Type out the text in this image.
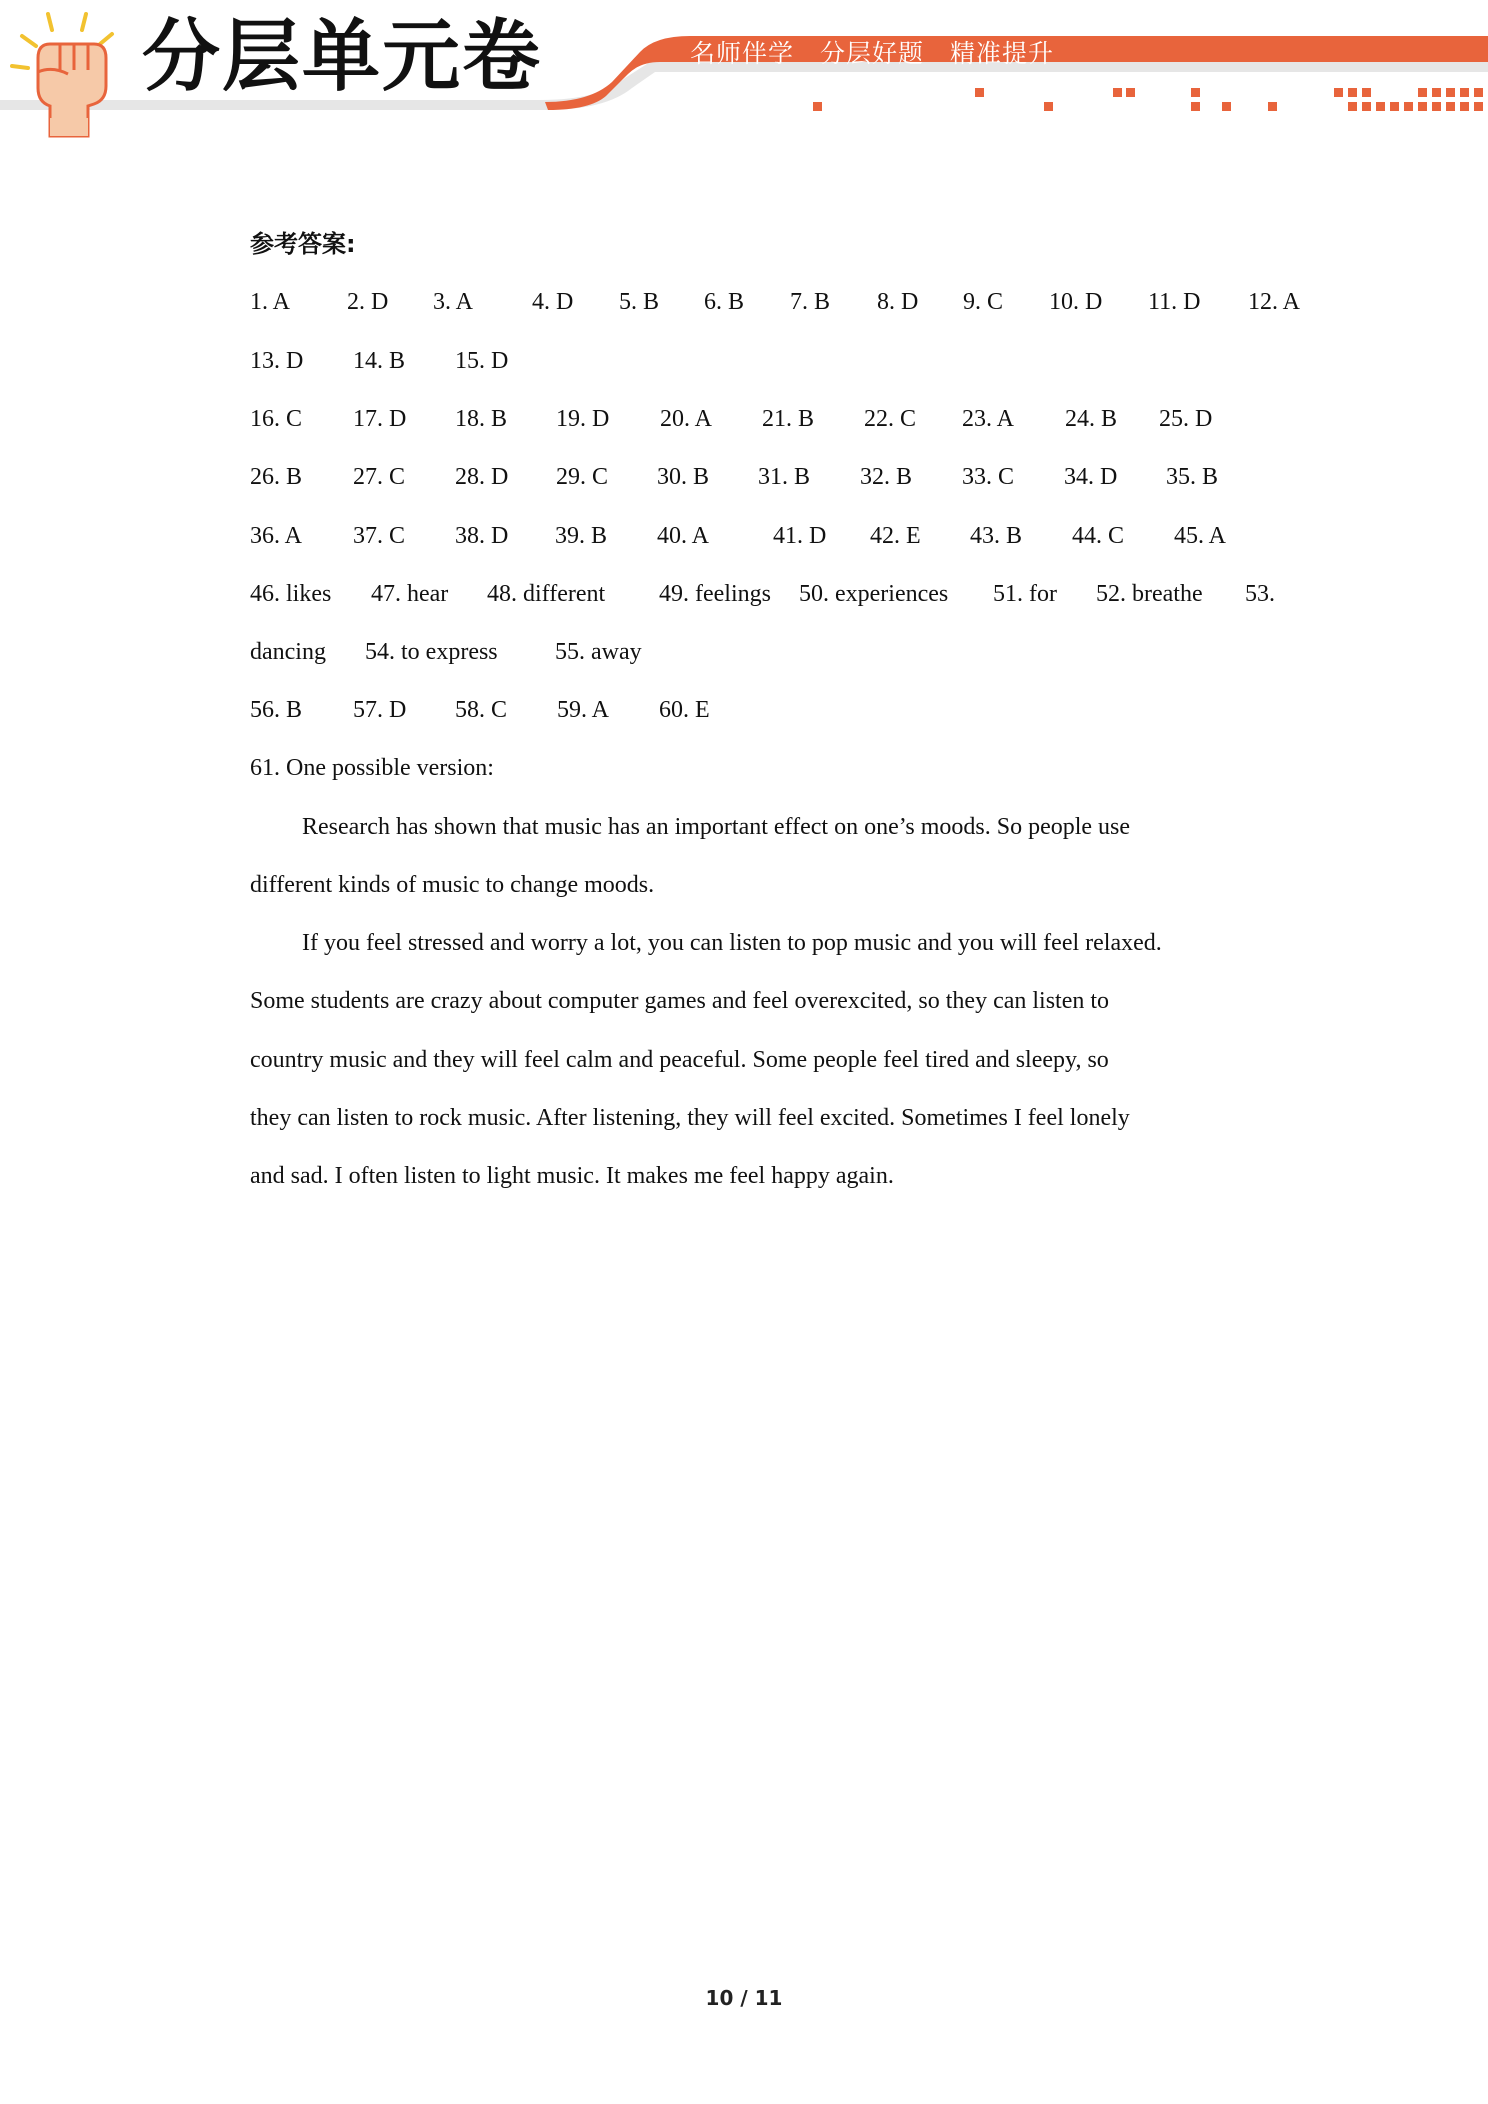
分层单元卷	名师伴学 分层好题 精准提升
参考答案:
1. A 2. D 3. A 4. D 5. B 6. B 7. B 8. D 9. C 10. D 11. D 12. A
13. D 14. B 15. D
16. C 17. D 18. B 19. D 20. A 21. B 22. C 23. A 24. B 25. D
26. B 27. C 28. D 29. C 30. B 31. B 32. B 33. C 34. D 35. B
36. A 37. C 38. D 39. B 40. A	41. D 42. E 43. B 44. C 45. A
46. likes 47. hear 48. different 49. feelings 50. experiences 51. for 52. breathe 53.
dancing 54. to express 55. away
56. B 57. D 58. C 59. A 60. E
61. One possible version:
Research has shown that music has an important effect on one’s moods. So people use
different kinds of music to change moods.
If you feel stressed and worry a lot, you can listen to pop music and you will feel relaxed.
Some students are crazy about computer games and feel overexcited, so they can listen to
country music and they will feel calm and peaceful. Some people feel tired and sleepy, so
they can listen to rock music. After listening, they will feel excited. Sometimes I feel lonely
and sad. I often listen to light music. It makes me feel happy again.
10 / 11
